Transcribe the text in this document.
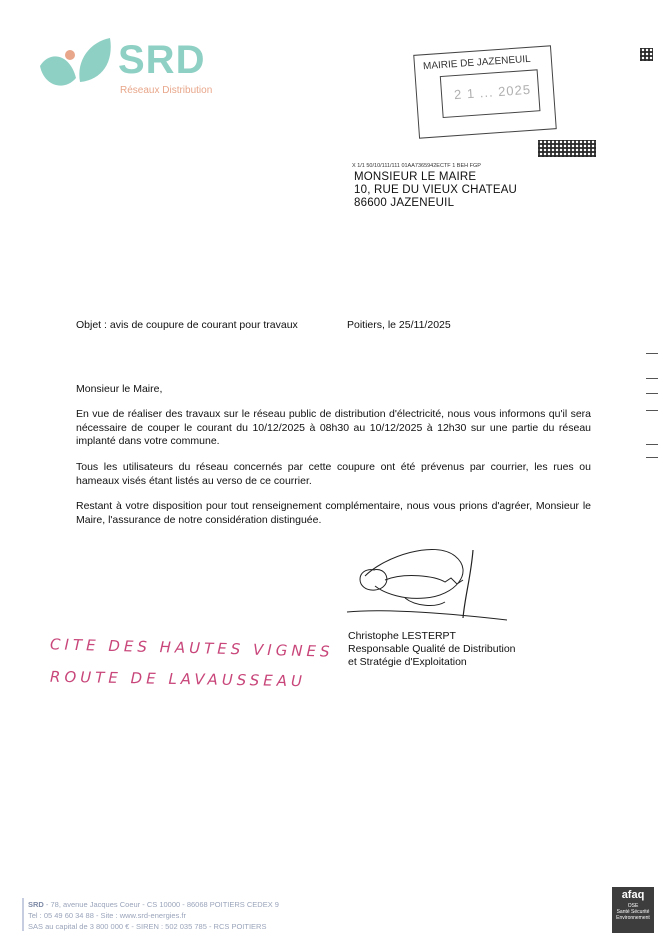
SRD
Réseaux Distribution
MAIRIE DE JAZENEUIL
2 1 ... 2025
X 1/1 50/10/111/111 01AA7365942ECTF 1 BEH FGP
MONSIEUR LE MAIRE
10, RUE DU VIEUX CHATEAU
86600 JAZENEUIL
Objet : avis de coupure de courant pour travaux	Poitiers, le 25/11/2025
Monsieur le Maire,
En vue de réaliser des travaux sur le réseau public de distribution d'électricité, nous vous informons qu'il sera nécessaire de couper le courant du 10/12/2025 à 08h30 au 10/12/2025 à 12h30 sur une partie du réseau implanté dans votre commune.
Tous les utilisateurs du réseau concernés par cette coupure ont été prévenus par courrier, les rues ou hameaux visés étant listés au verso de ce courrier.
Restant à votre disposition pour tout renseignement complémentaire, nous vous prions d'agréer, Monsieur le Maire, l'assurance de notre considération distinguée.
Christophe LESTERPT
Responsable Qualité de Distribution
et Stratégie d'Exploitation
CITE DES HAUTES VIGNES
ROUTE DE LAVAUSSEAU
SRD - 78, avenue Jacques Coeur - CS 10000 - 86068 POITIERS CEDEX 9
Tel : 05 49 60 34 88 - Site : www.srd-energies.fr
SAS au capital de 3 800 000 € - SIREN : 502 035 785 - RCS POITIERS
afaq
OSE
Santé Sécurité Environnement
